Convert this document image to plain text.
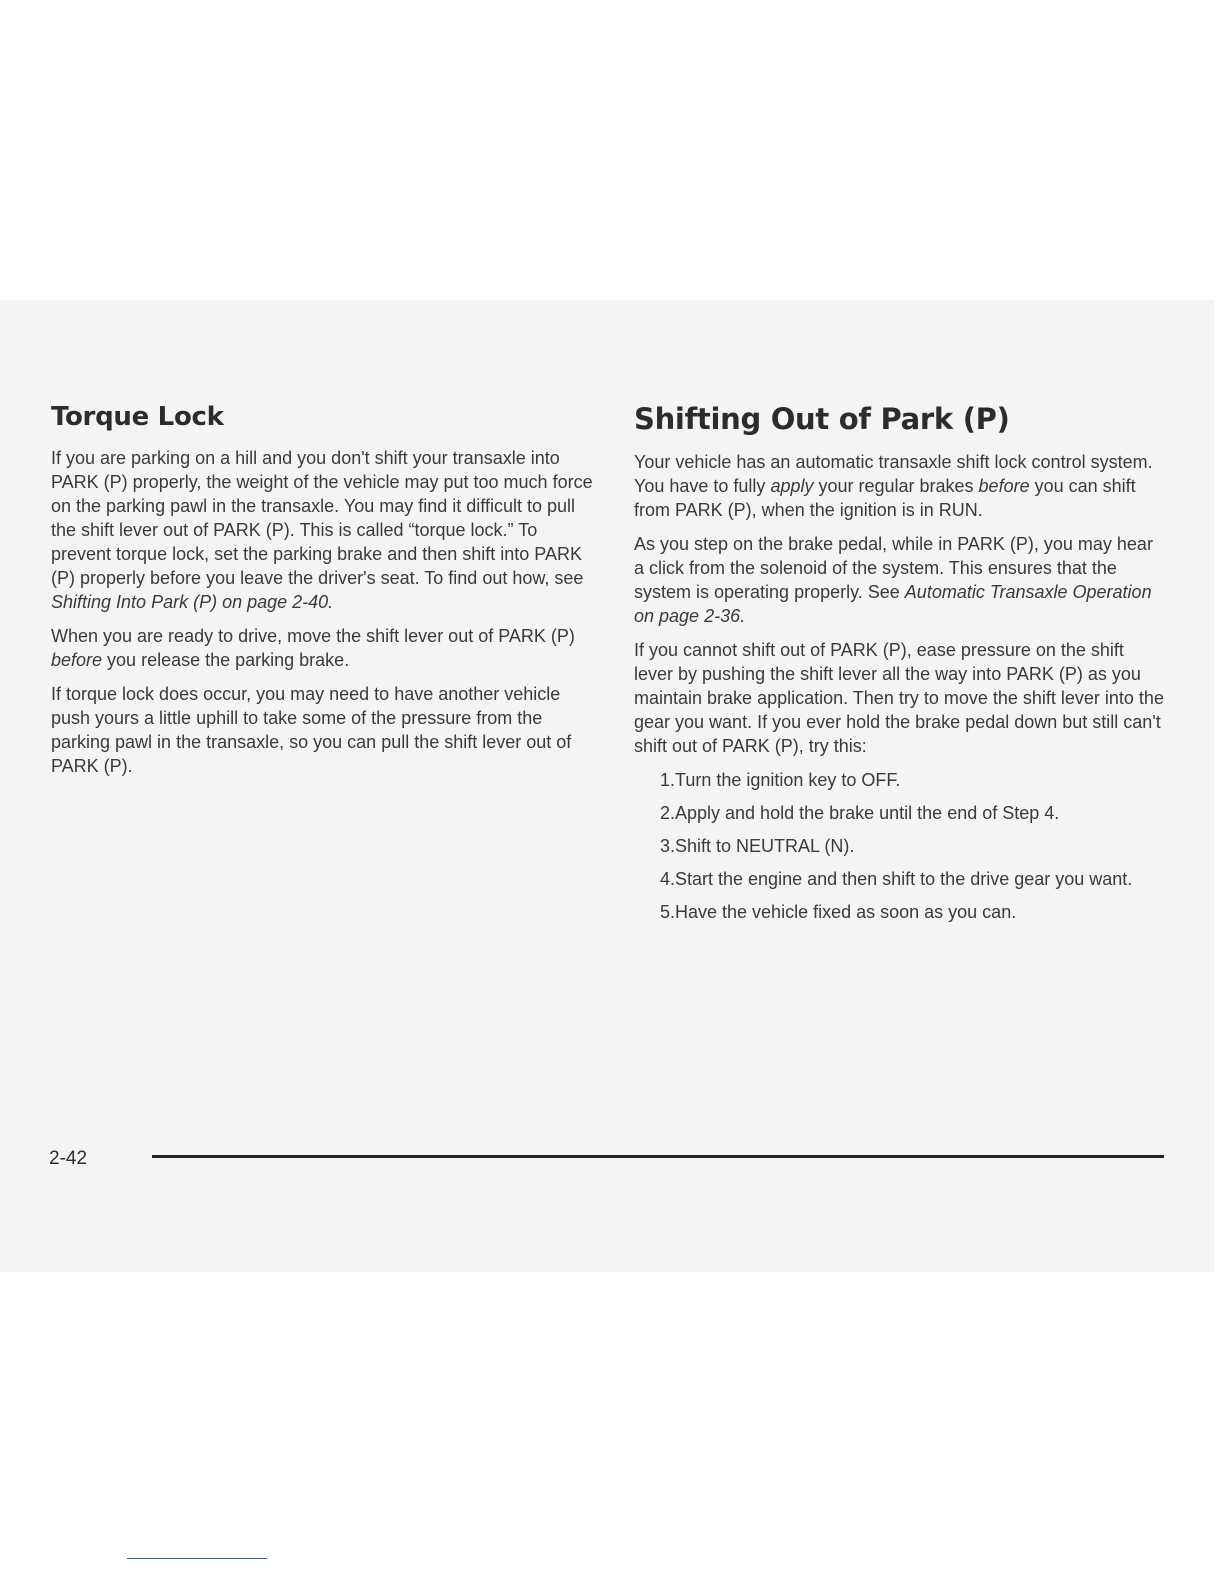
Torque Lock

If you are parking on a hill and you don't shift your transaxle into PARK (P) properly, the weight of the vehicle may put too much force on the parking pawl in the transaxle. You may find it difficult to pull the shift lever out of PARK (P). This is called “torque lock.” To prevent torque lock, set the parking brake and then shift into PARK (P) properly before you leave the driver's seat. To find out how, see Shifting Into Park (P) on page 2-40.

When you are ready to drive, move the shift lever out of PARK (P) before you release the parking brake.

If torque lock does occur, you may need to have another vehicle push yours a little uphill to take some of the pressure from the parking pawl in the transaxle, so you can pull the shift lever out of PARK (P).

Shifting Out of Park (P)

Your vehicle has an automatic transaxle shift lock control system. You have to fully apply your regular brakes before you can shift from PARK (P), when the ignition is in RUN.

As you step on the brake pedal, while in PARK (P), you may hear a click from the solenoid of the system. This ensures that the system is operating properly. See Automatic Transaxle Operation on page 2-36.

If you cannot shift out of PARK (P), ease pressure on the shift lever by pushing the shift lever all the way into PARK (P) as you maintain brake application. Then try to move the shift lever into the gear you want. If you ever hold the brake pedal down but still can't shift out of PARK (P), try this:

1. Turn the ignition key to OFF.
2. Apply and hold the brake until the end of Step 4.
3. Shift to NEUTRAL (N).
4. Start the engine and then shift to the drive gear you want.
5. Have the vehicle fixed as soon as you can.
2-42
